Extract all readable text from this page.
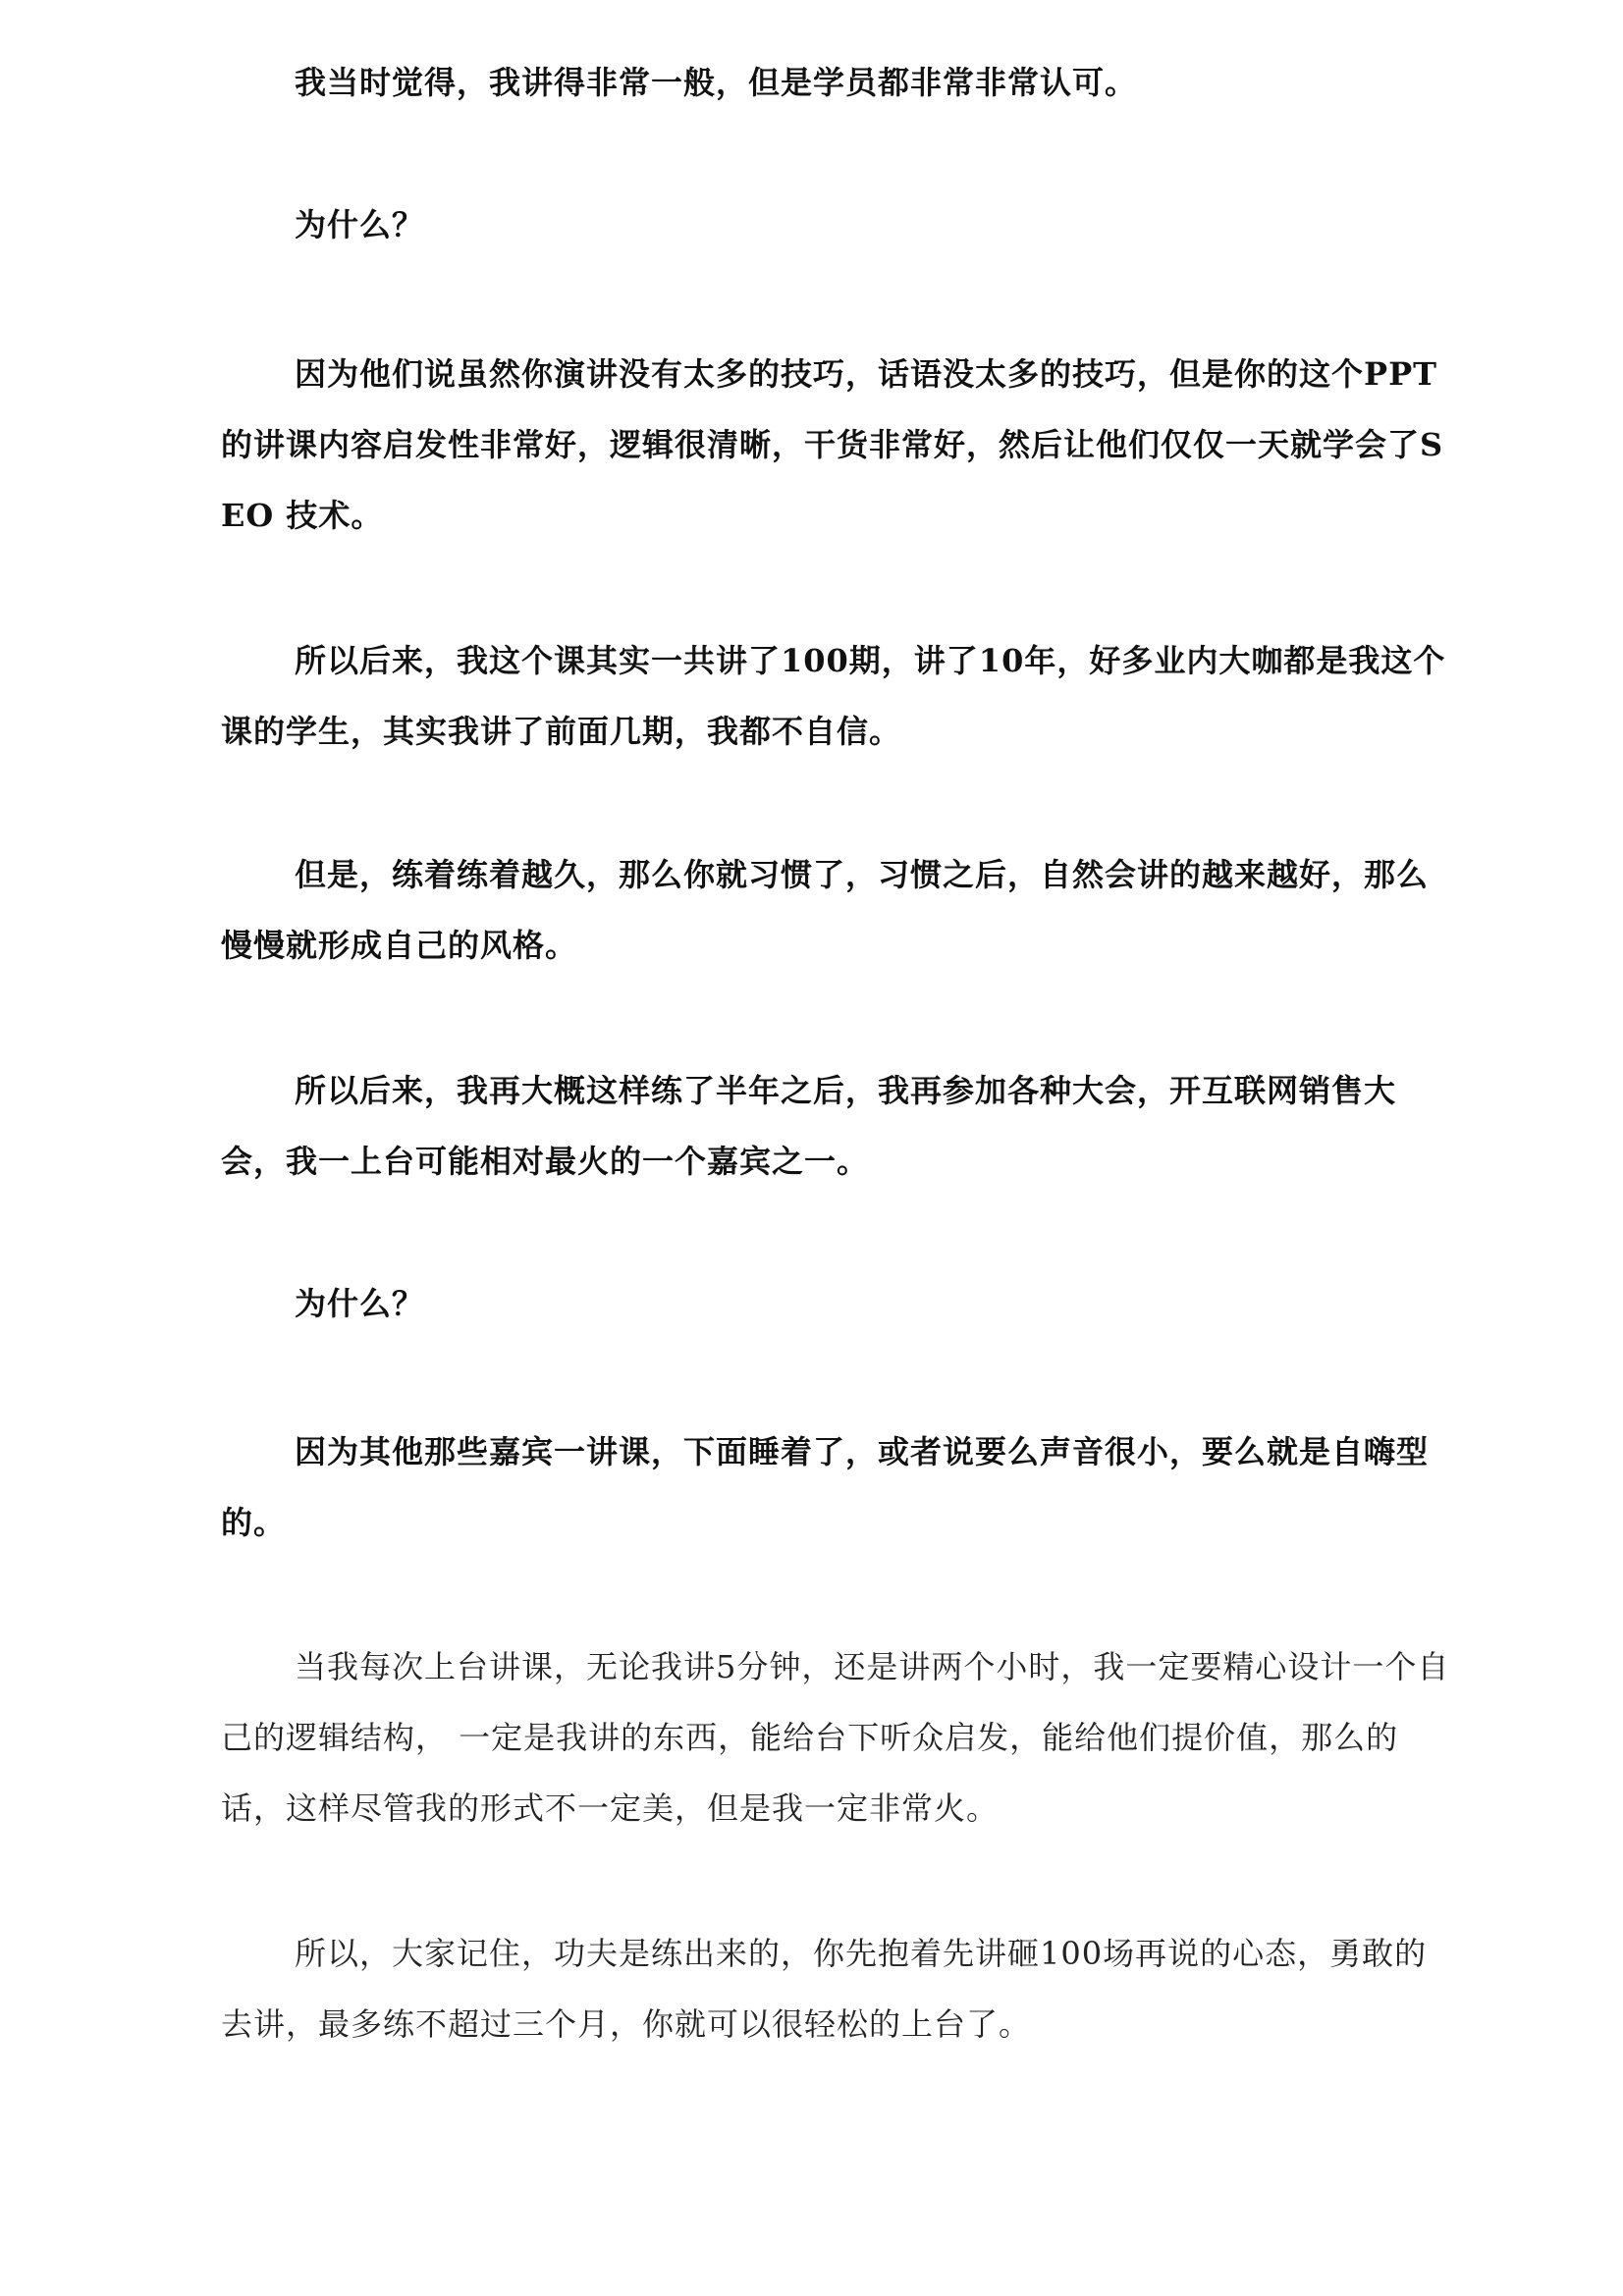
我当时觉得，我讲得非常一般，但是学员都非常非常认可。

为什么？

因为他们说虽然你演讲没有太多的技巧，话语没太多的技巧，但是你的这个PPT 的讲课内容启发性非常好，逻辑很清晰，干货非常好，然后让他们仅仅一天就学会了SEO 技术。

所以后来，我这个课其实一共讲了100期，讲了10年，好多业内大咖都是我这个课的学生，其实我讲了前面几期，我都不自信。

但是，练着练着越久，那么你就习惯了，习惯之后，自然会讲的越来越好，那么慢慢就形成自己的风格。

所以后来，我再大概这样练了半年之后，我再参加各种大会，开互联网销售大会，我一上台可能相对最火的一个嘉宾之一。

为什么？

因为其他那些嘉宾一讲课，下面睡着了，或者说要么声音很小，要么就是自嗨型的。

当我每次上台讲课，无论我讲5分钟，还是讲两个小时，我一定要精心设计一个自己的逻辑结构， 一定是我讲的东西，能给台下听众启发，能给他们提价值，那么的话，这样尽管我的形式不一定美，但是我一定非常火。

所以，大家记住，功夫是练出来的，你先抱着先讲砸100场再说的心态，勇敢的去讲，最多练不超过三个月，你就可以很轻松的上台了。
